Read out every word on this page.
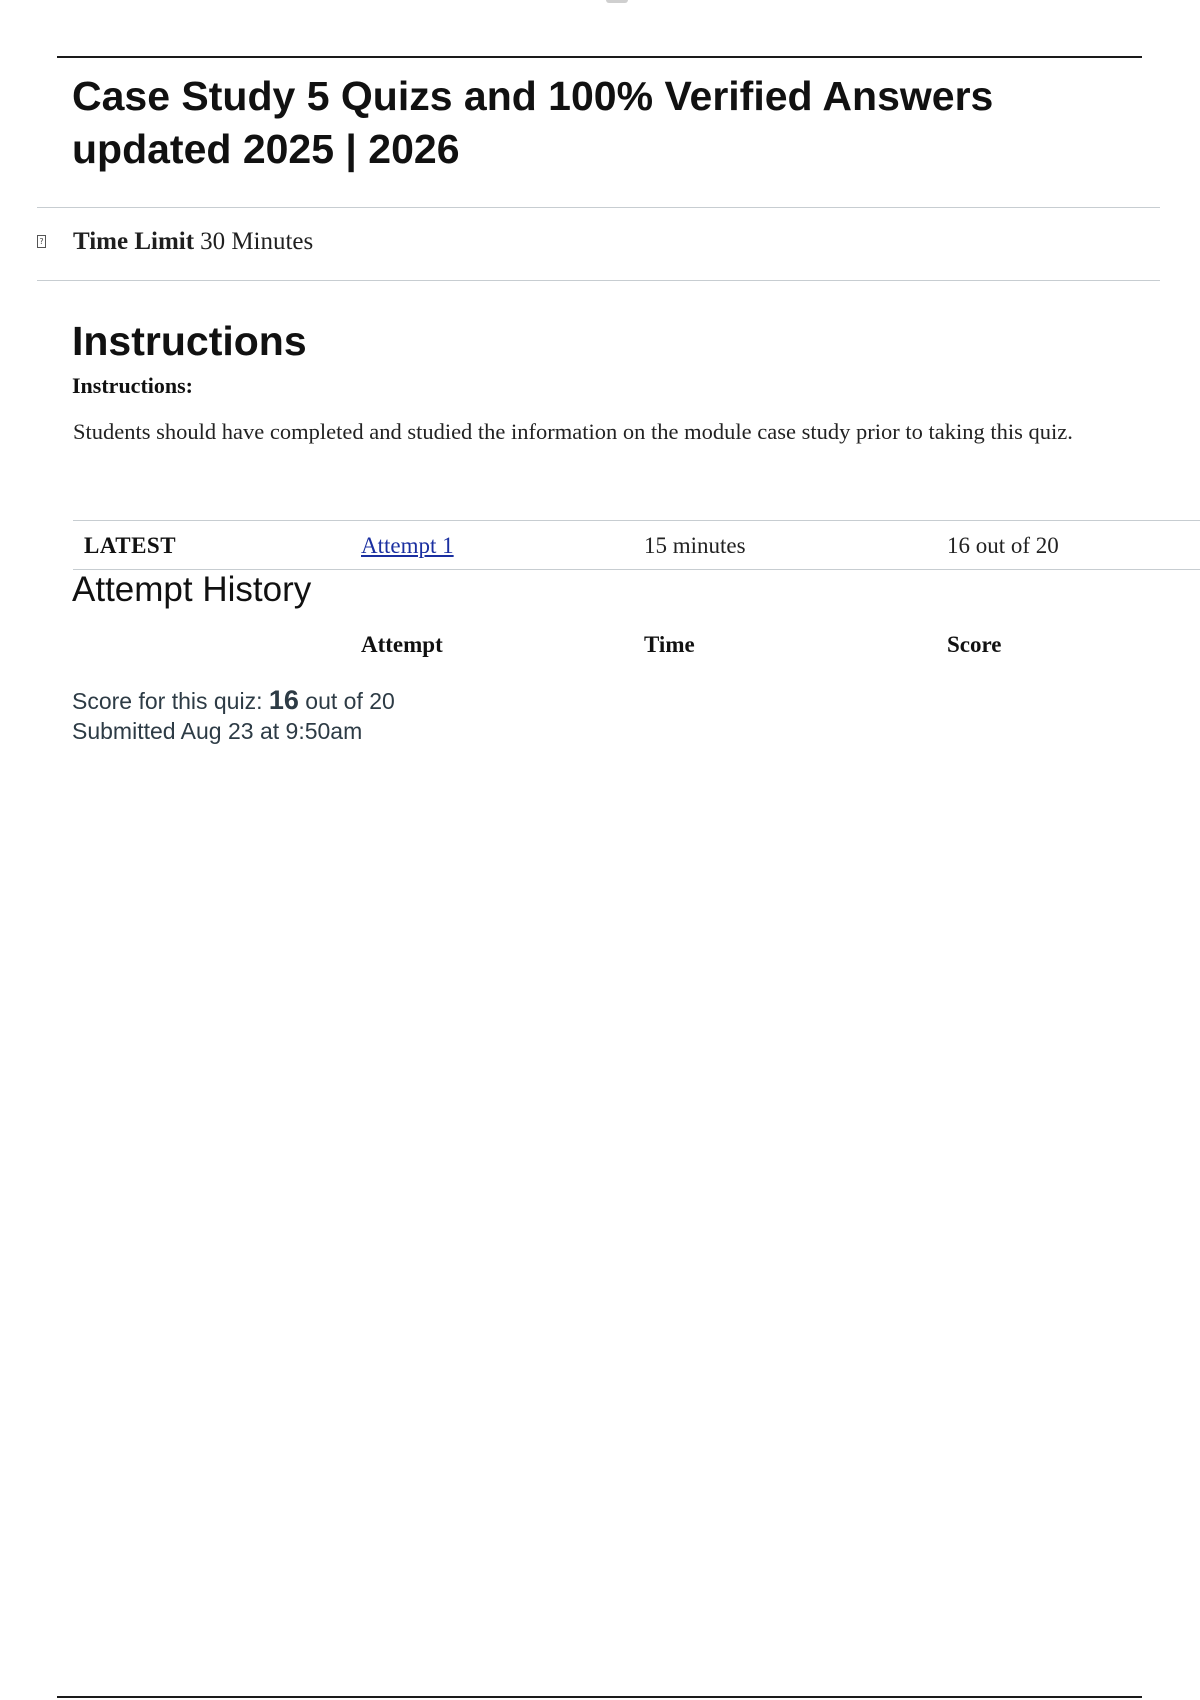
Case Study 5 Quizs and 100% Verified Answers updated 2025 | 2026
? Time Limit 30 Minutes
Instructions

Instructions:

Students should have completed and studied the information on the module case study prior to taking this quiz.

LATEST	Attempt 1	15 minutes	16 out of 20
Attempt History
Attempt	Time	Score
Score for this quiz: 16 out of 20
Submitted Aug 23 at 9:50am
